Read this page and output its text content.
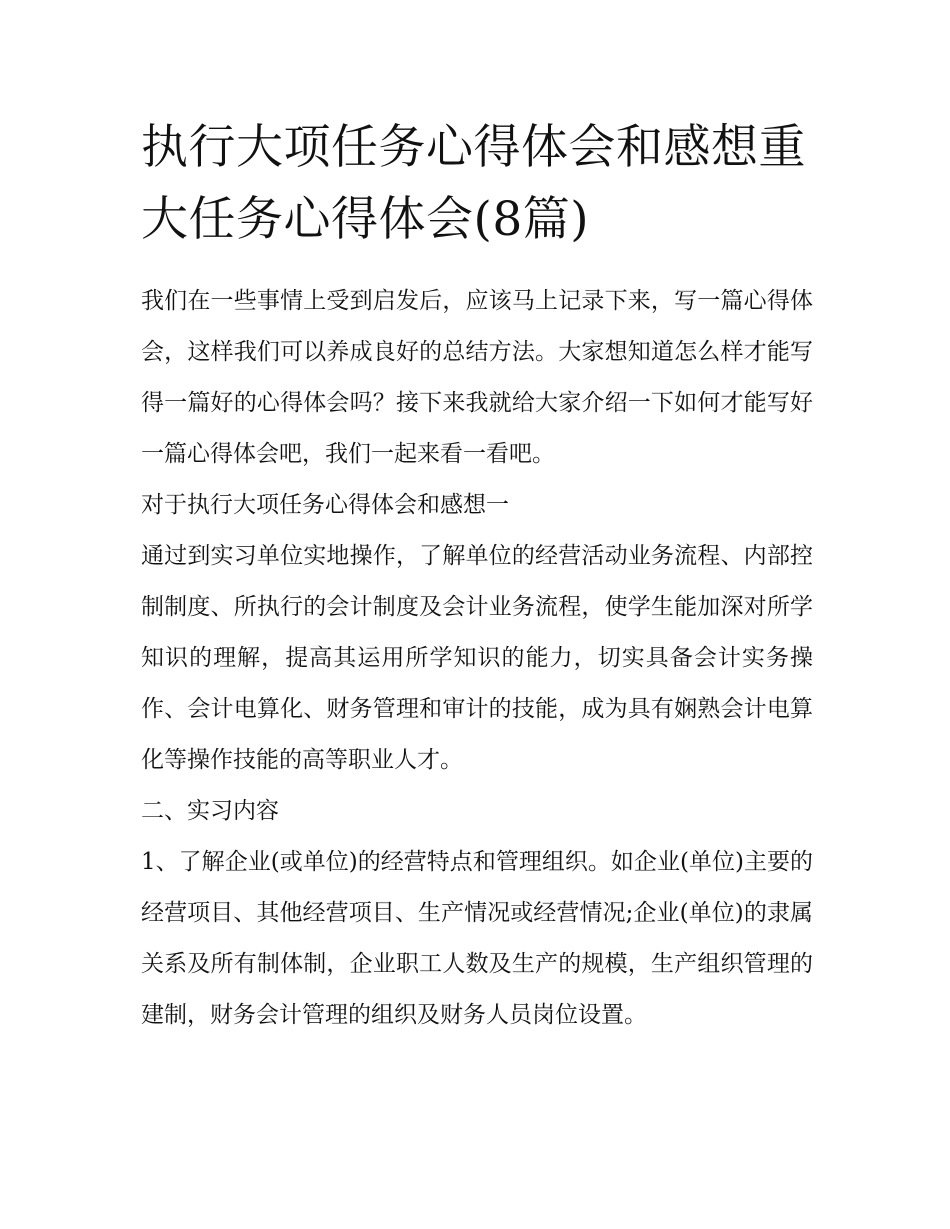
执行大项任务心得体会和感想重大任务心得体会(8篇)

我们在一些事情上受到启发后，应该马上记录下来，写一篇心得体会，这样我们可以养成良好的总结方法。大家想知道怎么样才能写得一篇好的心得体会吗？接下来我就给大家介绍一下如何才能写好一篇心得体会吧，我们一起来看一看吧。

对于执行大项任务心得体会和感想一

通过到实习单位实地操作，了解单位的经营活动业务流程、内部控制制度、所执行的会计制度及会计业务流程，使学生能加深对所学知识的理解，提高其运用所学知识的能力，切实具备会计实务操作、会计电算化、财务管理和审计的技能，成为具有娴熟会计电算化等操作技能的高等职业人才。

二、实习内容

1、了解企业(或单位)的经营特点和管理组织。如企业(单位)主要的经营项目、其他经营项目、生产情况或经营情况;企业(单位)的隶属关系及所有制体制，企业职工人数及生产的规模，生产组织管理的建制，财务会计管理的组织及财务人员岗位设置。
